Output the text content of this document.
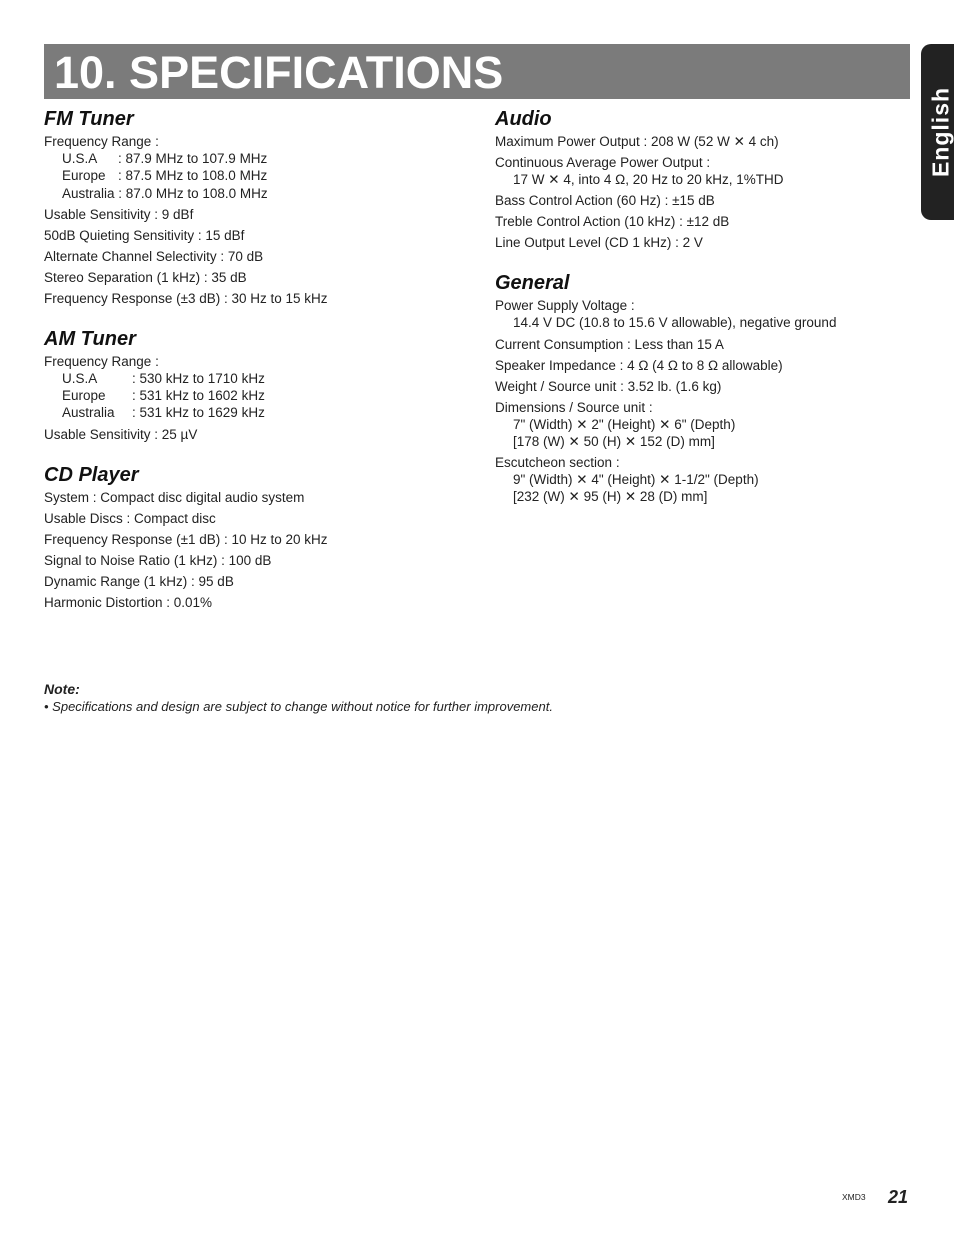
10. SPECIFICATIONS
English
FM Tuner
Frequency Range :
U.S.A : 87.9 MHz to 107.9 MHz
Europe : 87.5 MHz to 108.0 MHz
Australia : 87.0 MHz to 108.0 MHz
Usable Sensitivity : 9 dBf
50dB Quieting Sensitivity : 15 dBf
Alternate Channel Selectivity : 70 dB
Stereo Separation (1 kHz) : 35 dB
Frequency Response (±3 dB) : 30 Hz to 15 kHz
AM Tuner
Frequency Range :
U.S.A	: 530 kHz to 1710 kHz
Europe : 531 kHz to 1602 kHz
Australia : 531 kHz to 1629 kHz
Usable Sensitivity : 25 µV
CD Player
System : Compact disc digital audio system
Usable Discs : Compact disc
Frequency Response (±1 dB) : 10 Hz to 20 kHz
Signal to Noise Ratio (1 kHz) : 100 dB
Dynamic Range (1 kHz) : 95 dB
Harmonic Distortion : 0.01%
Audio
Maximum Power Output : 208 W (52 W ✕ 4 ch)
Continuous Average Power Output :
17 W ✕ 4, into 4 Ω, 20 Hz to 20 kHz, 1%THD
Bass Control Action (60 Hz) : ±15 dB
Treble Control Action (10 kHz) : ±12 dB
Line Output Level (CD 1 kHz) : 2 V
General
Power Supply Voltage :
14.4 V DC (10.8 to 15.6 V allowable), negative ground
Current Consumption : Less than 15 A
Speaker Impedance : 4 Ω (4 Ω to 8 Ω allowable)
Weight / Source unit : 3.52 lb. (1.6 kg)
Dimensions / Source unit :
7" (Width) ✕ 2" (Height) ✕ 6" (Depth)
[178 (W) ✕ 50 (H) ✕ 152 (D) mm]
Escutcheon section :
9" (Width) ✕ 4" (Height) ✕ 1-1/2" (Depth)
[232 (W) ✕ 95 (H) ✕ 28 (D) mm]
Note:
• Specifications and design are subject to change without notice for further improvement.
XMD3 21
